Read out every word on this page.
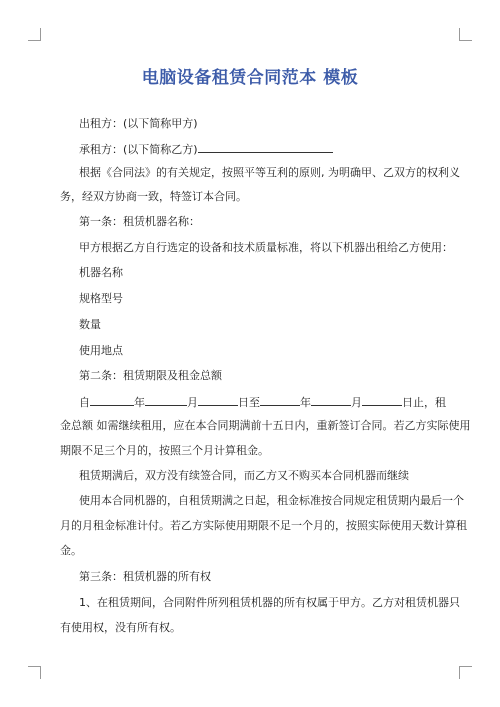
电脑设备租赁合同范本 模板
出租方：(以下简称甲方)
承租方：(以下简称乙方)
根据《合同法》的有关规定，按照平等互利的原则, 为明确甲、乙双方的权利义
务，经双方协商一致，特签订本合同。
第一条：租赁机器名称：
甲方根据乙方自行选定的设备和技术质量标准，将以下机器出租给乙方使用：
机器名称
规格型号
数量
使用地点
第二条：租赁期限及租金总额
自	年	月	日至	年	月	日止，租
金总额 如需继续租用，应在本合同期满前十五日内，重新签订合同。若乙方实际使用
期限不足三个月的，按照三个月计算租金。
租赁期满后，双方没有续签合同，而乙方又不购买本合同机器而继续
使用本合同机器的，自租赁期满之日起，租金标准按合同规定租赁期内最后一个
月的月租金标准计付。若乙方实际使用期限不足一个月的，按照实际使用天数计算租
金。
第三条：租赁机器的所有权
1、在租赁期间，合同附件所列租赁机器的所有权属于甲方。乙方对租赁机器只
有使用权，没有所有权。
